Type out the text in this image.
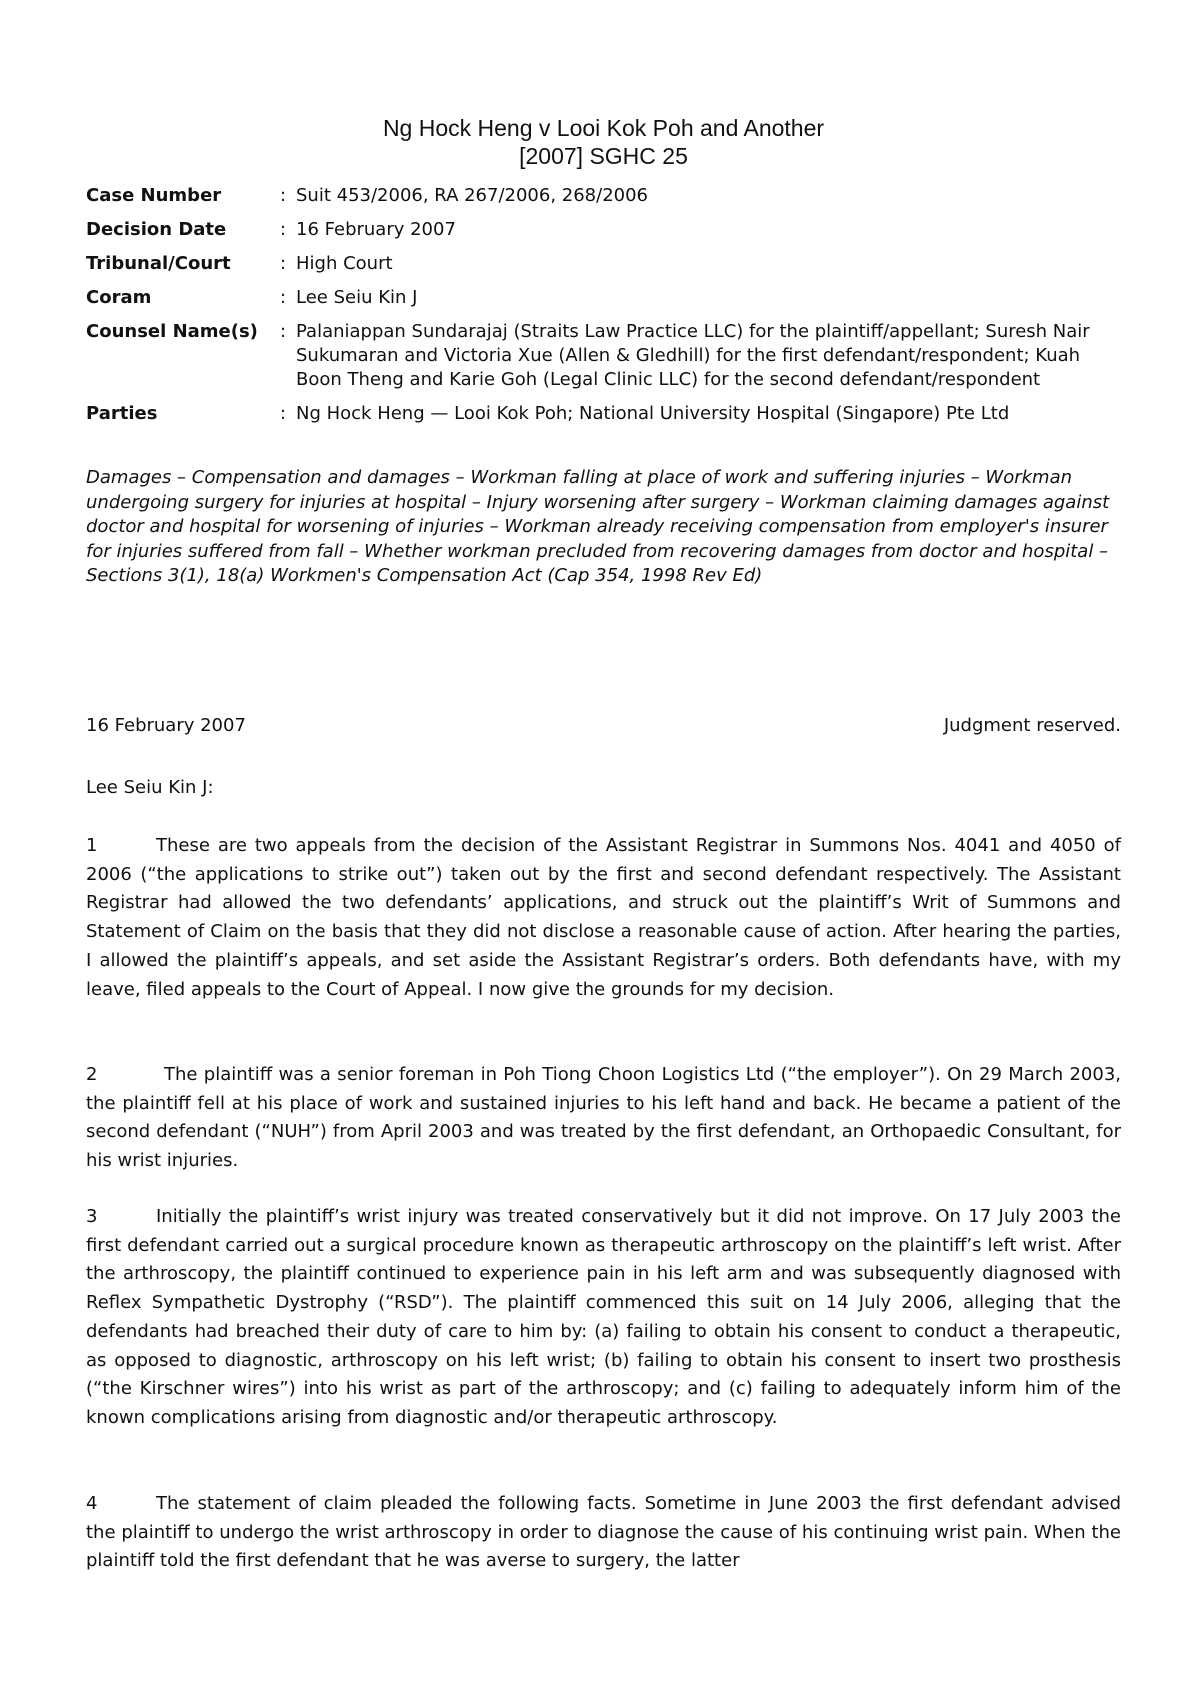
Ng Hock Heng v Looi Kok Poh and Another
[2007] SGHC 25
Case Number	: Suit 453/2006, RA 267/2006, 268/2006
Decision Date	: 16 February 2007
Tribunal/Court	: High Court
Coram	: Lee Seiu Kin J
Counsel Name(s)	: Palaniappan Sundarajaj (Straits Law Practice LLC) for the plaintiff/appellant; Suresh Nair Sukumaran and Victoria Xue (Allen & Gledhill) for the first defendant/respondent; Kuah Boon Theng and Karie Goh (Legal Clinic LLC) for the second defendant/respondent
Parties	: Ng Hock Heng — Looi Kok Poh; National University Hospital (Singapore) Pte Ltd
Damages – Compensation and damages – Workman falling at place of work and suffering injuries – Workman undergoing surgery for injuries at hospital – Injury worsening after surgery – Workman claiming damages against doctor and hospital for worsening of injuries – Workman already receiving compensation from employer's insurer for injuries suffered from fall – Whether workman precluded from recovering damages from doctor and hospital – Sections 3(1), 18(a) Workmen's Compensation Act (Cap 354, 1998 Rev Ed)
16 February 2007	Judgment reserved.
Lee Seiu Kin J:
1	These are two appeals from the decision of the Assistant Registrar in Summons Nos. 4041 and 4050 of 2006 (“the applications to strike out”) taken out by the first and second defendant respectively. The Assistant Registrar had allowed the two defendants’ applications, and struck out the plaintiff’s Writ of Summons and Statement of Claim on the basis that they did not disclose a reasonable cause of action. After hearing the parties, I allowed the plaintiff’s appeals, and set aside the Assistant Registrar’s orders. Both defendants have, with my leave, filed appeals to the Court of Appeal. I now give the grounds for my decision.
2	The plaintiff was a senior foreman in Poh Tiong Choon Logistics Ltd (“the employer”). On 29 March 2003, the plaintiff fell at his place of work and sustained injuries to his left hand and back. He became a patient of the second defendant (“NUH”) from April 2003 and was treated by the first defendant, an Orthopaedic Consultant, for his wrist injuries.
3	Initially the plaintiff’s wrist injury was treated conservatively but it did not improve. On 17 July 2003 the first defendant carried out a surgical procedure known as therapeutic arthroscopy on the plaintiff’s left wrist. After the arthroscopy, the plaintiff continued to experience pain in his left arm and was subsequently diagnosed with Reflex Sympathetic Dystrophy (“RSD”). The plaintiff commenced this suit on 14 July 2006, alleging that the defendants had breached their duty of care to him by: (a) failing to obtain his consent to conduct a therapeutic, as opposed to diagnostic, arthroscopy on his left wrist; (b) failing to obtain his consent to insert two prosthesis (“the Kirschner wires”) into his wrist as part of the arthroscopy; and (c) failing to adequately inform him of the known complications arising from diagnostic and/or therapeutic arthroscopy.
4	The statement of claim pleaded the following facts. Sometime in June 2003 the first defendant advised the plaintiff to undergo the wrist arthroscopy in order to diagnose the cause of his continuing wrist pain. When the plaintiff told the first defendant that he was averse to surgery, the latter
